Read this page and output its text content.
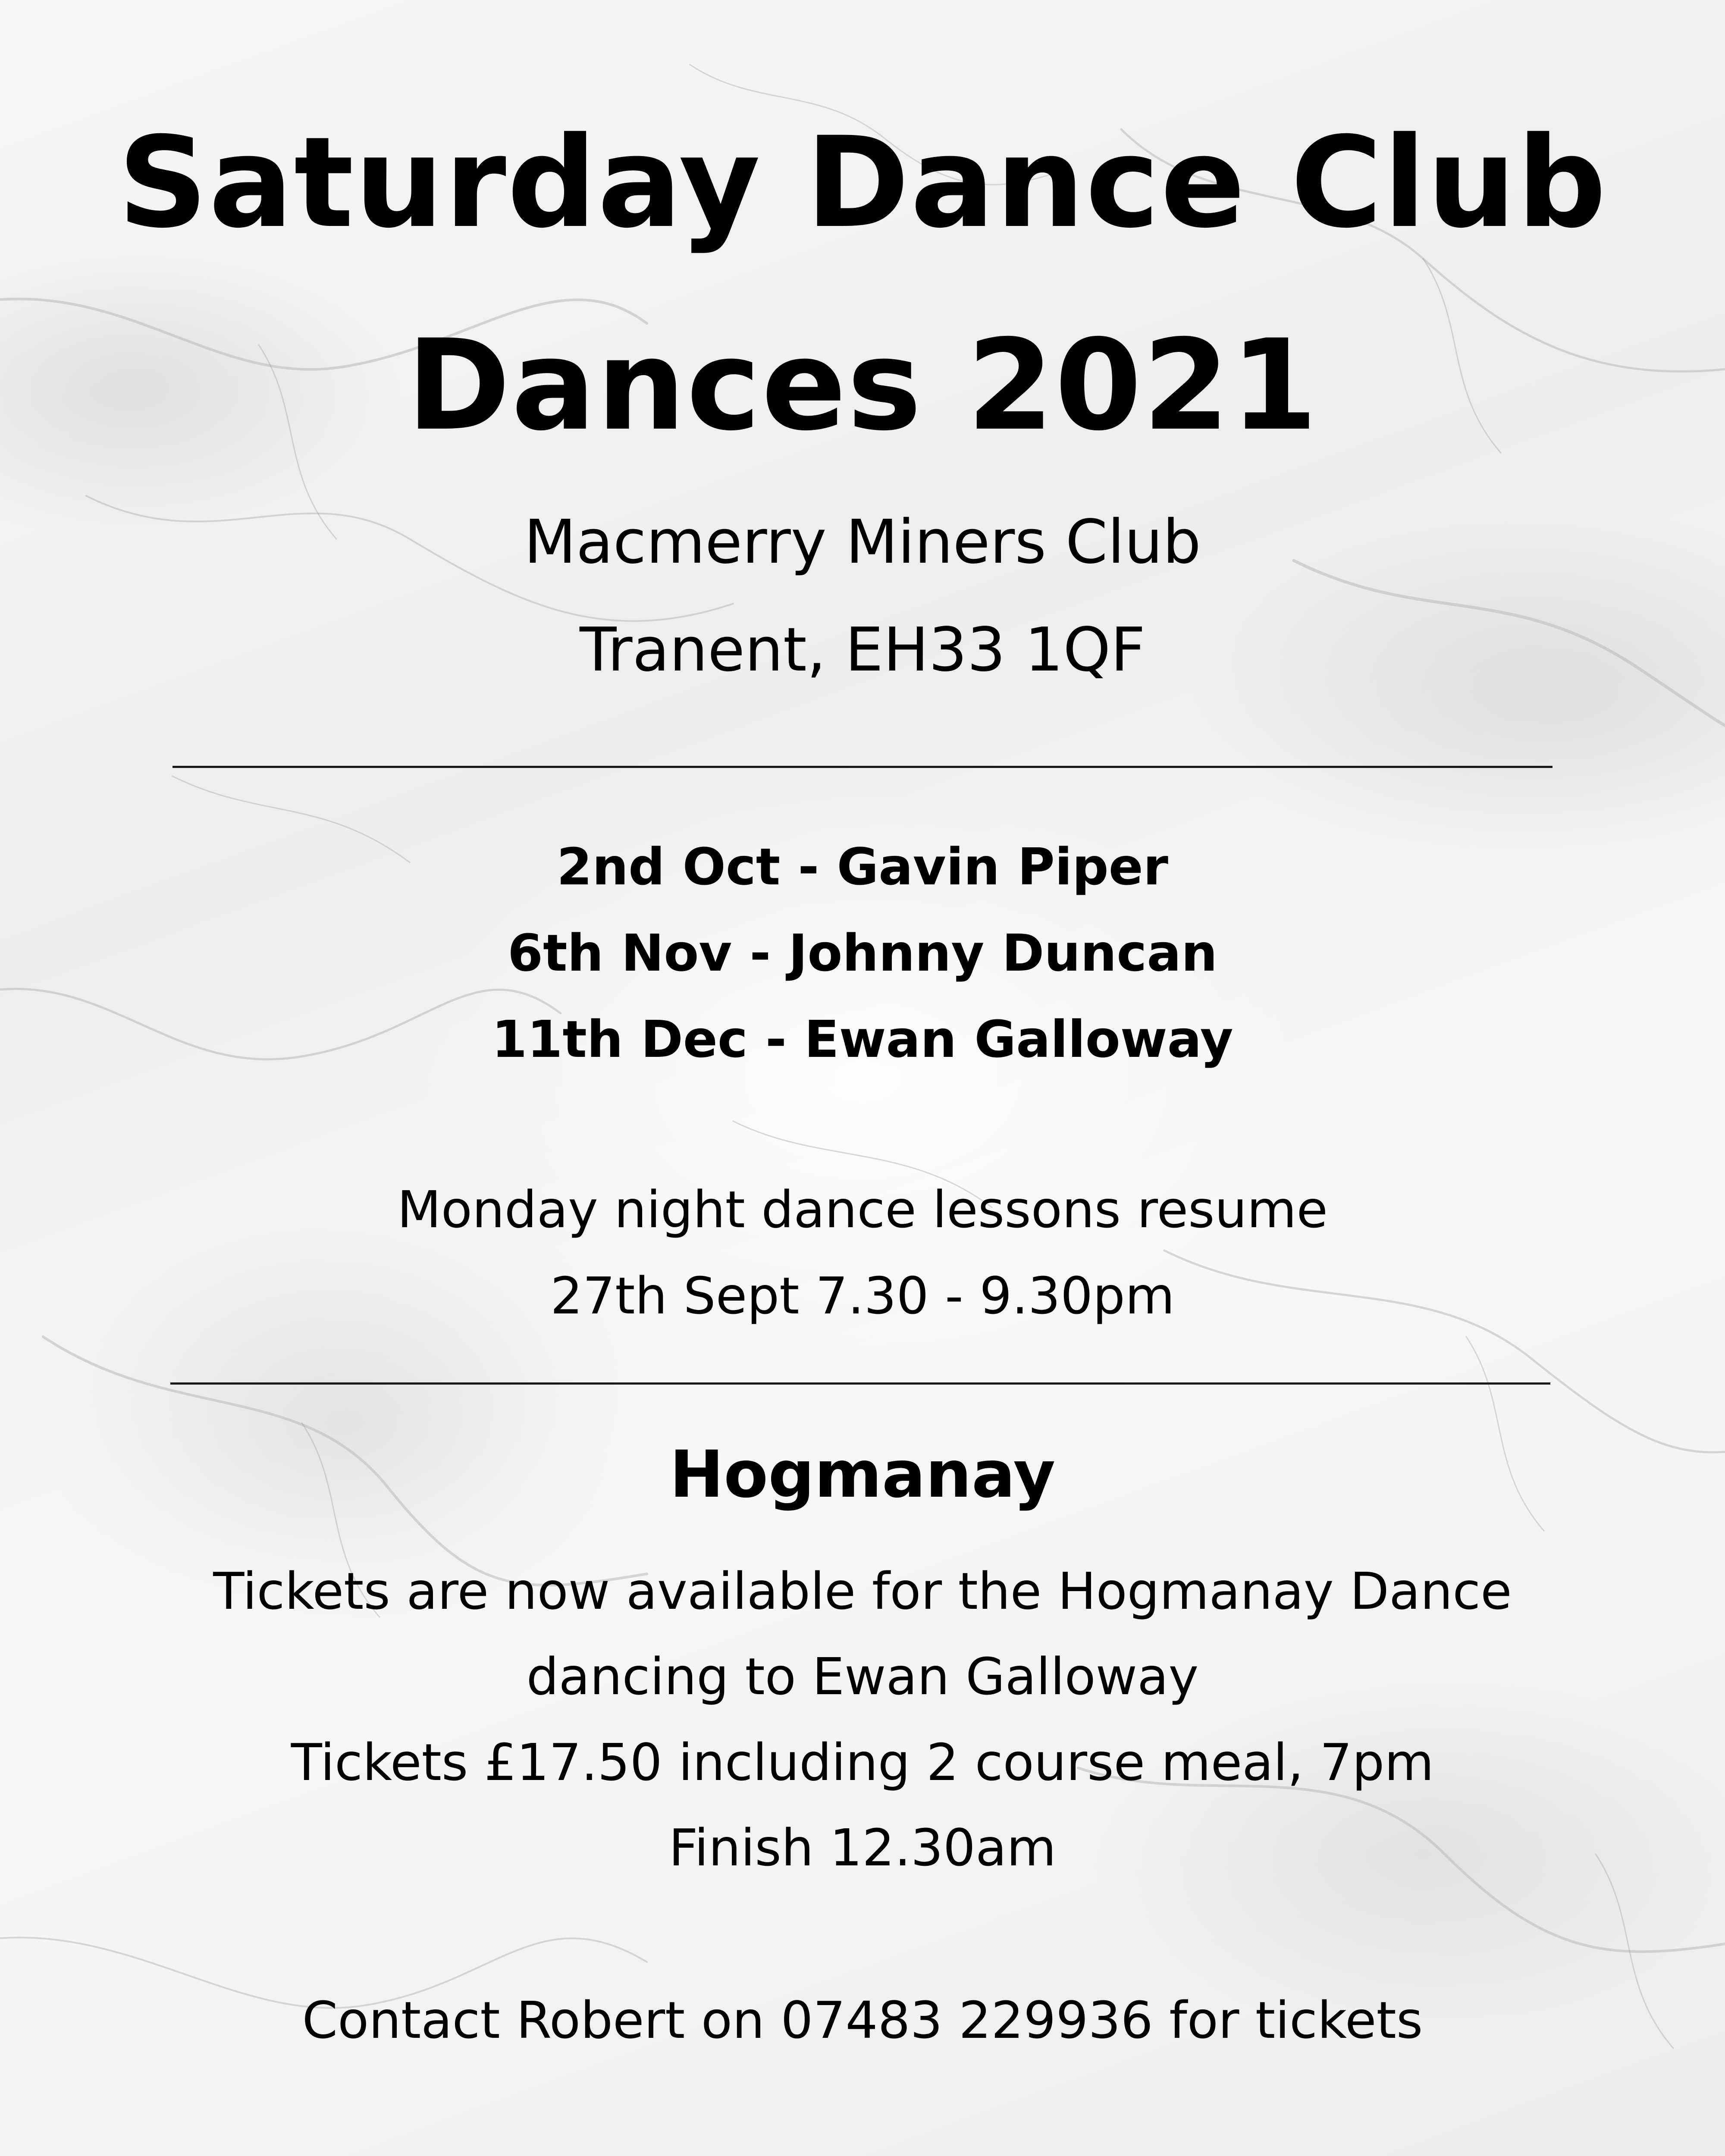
Saturday Dance Club
Dances 2021

Macmerry Miners Club

Tranent, EH33 1QF

2nd Oct - Gavin Piper

6th Nov - Johnny Duncan

11th Dec - Ewan Galloway

Monday night dance lessons resume

27th Sept 7.30 - 9.30pm

Hogmanay

Tickets are now available for the Hogmanay Dance

dancing to Ewan Galloway

Tickets £17.50 including 2 course meal, 7pm

Finish 12.30am

Contact Robert on 07483 229936 for tickets
